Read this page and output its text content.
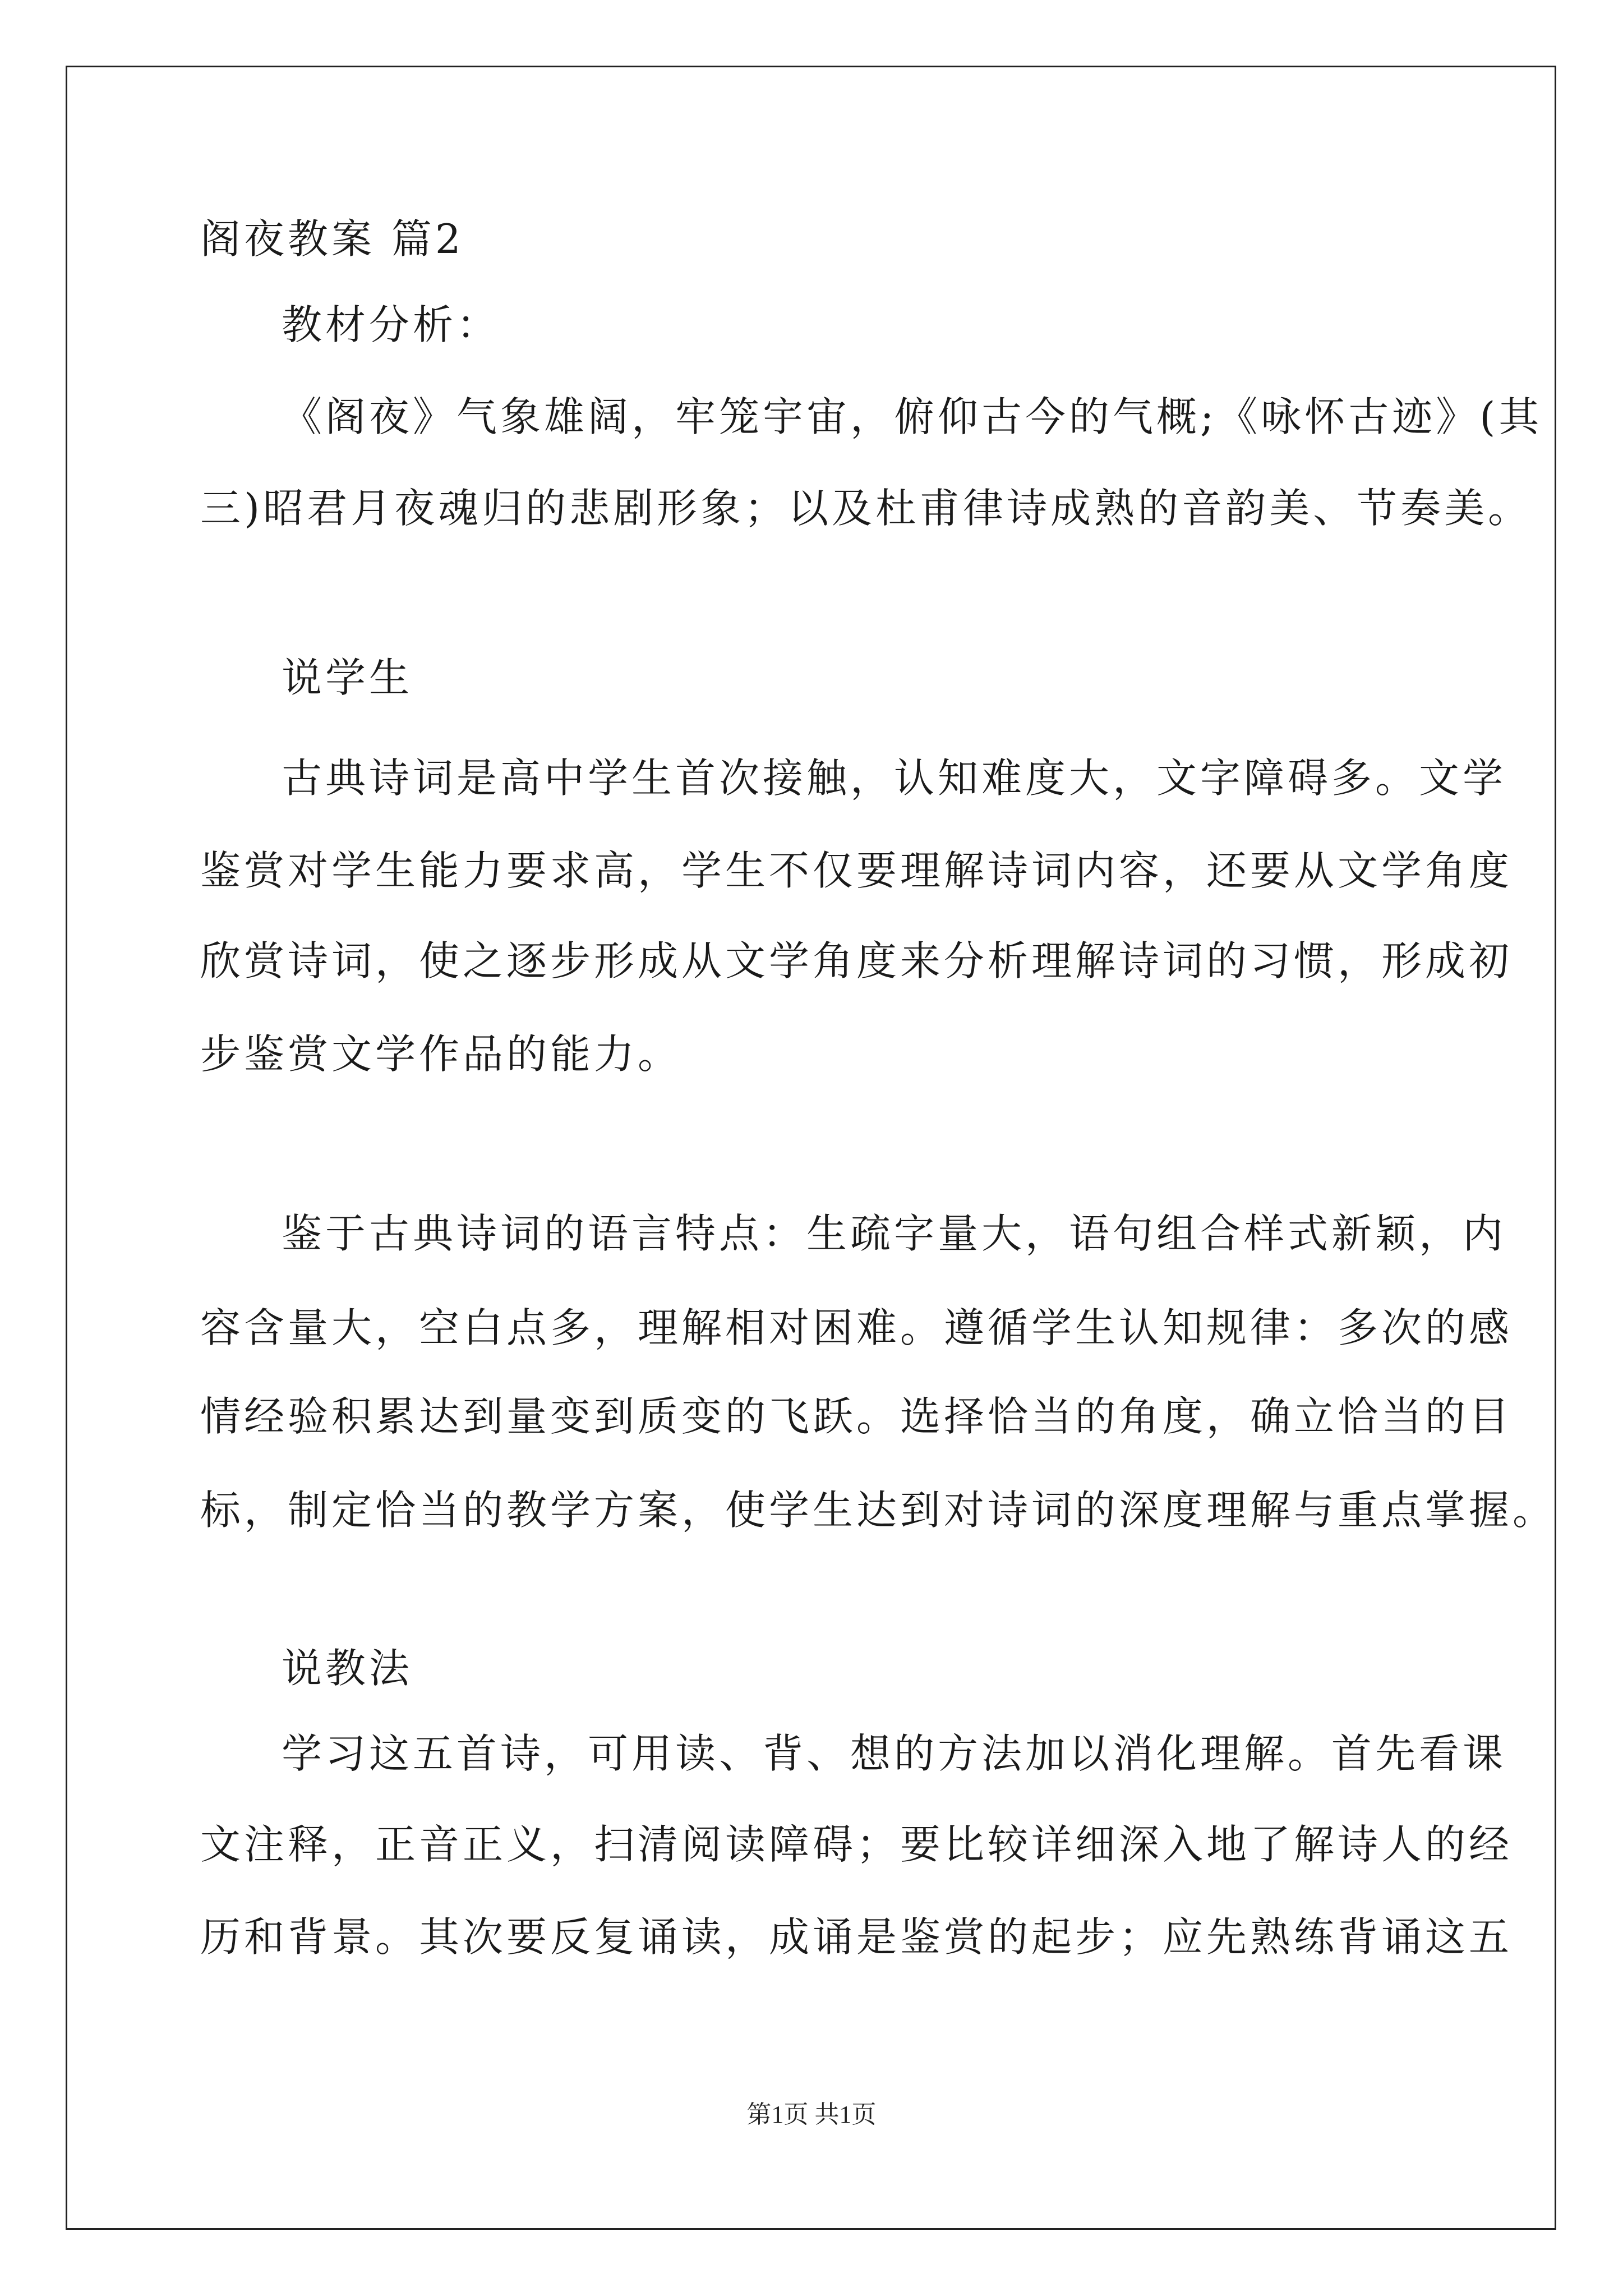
阁夜教案 篇2
教材分析：
《阁夜》气象雄阔，牢笼宇宙，俯仰古今的气概;《咏怀古迹》(其
三)昭君月夜魂归的悲剧形象；以及杜甫律诗成熟的音韵美、节奏美。
说学生
古典诗词是高中学生首次接触，认知难度大，文字障碍多。文学
鉴赏对学生能力要求高，学生不仅要理解诗词内容，还要从文学角度
欣赏诗词，使之逐步形成从文学角度来分析理解诗词的习惯，形成初
步鉴赏文学作品的能力。
鉴于古典诗词的语言特点：生疏字量大，语句组合样式新颖，内
容含量大，空白点多，理解相对困难。遵循学生认知规律：多次的感
情经验积累达到量变到质变的飞跃。选择恰当的角度，确立恰当的目
标，制定恰当的教学方案，使学生达到对诗词的深度理解与重点掌握。
说教法
学习这五首诗，可用读、背、想的方法加以消化理解。首先看课
文注释，正音正义，扫清阅读障碍；要比较详细深入地了解诗人的经
历和背景。其次要反复诵读，成诵是鉴赏的起步；应先熟练背诵这五
第1页 共1页
